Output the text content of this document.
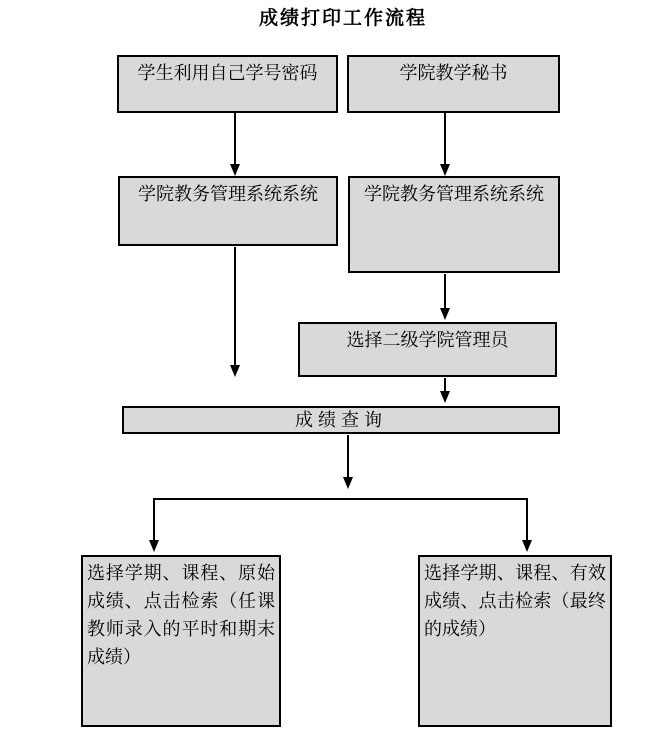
成绩打印工作流程
学生利用自己学号密码	学院教学秘书
学院教务管理系统系统	学院教务管理系统系统
选择二级学院管理员
成绩查询
选择学期、课程、原始成绩、点击检索（任课教师录入的平时和期末成绩）
选择学期、课程、有效成绩、点击检索（最终的成绩）
